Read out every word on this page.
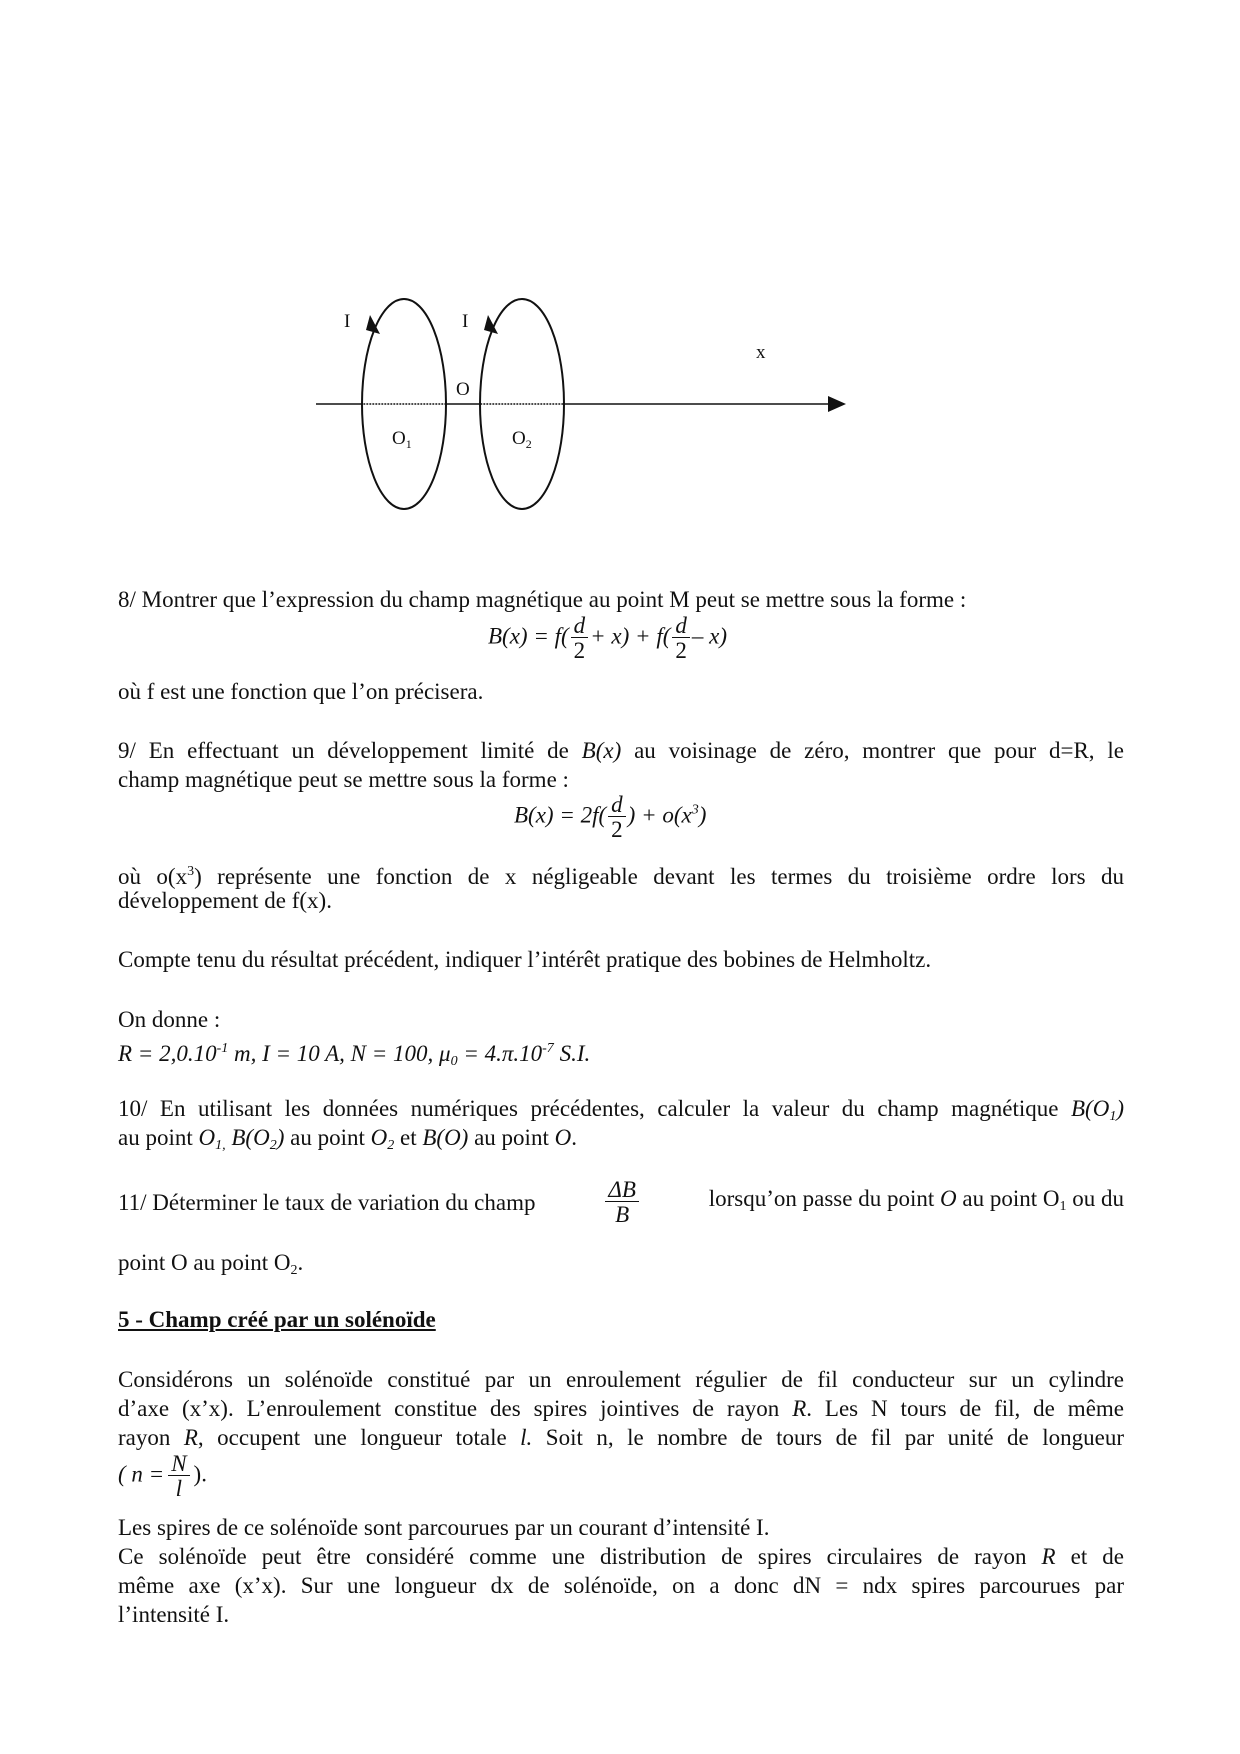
I	I
O
$O_1$	$O_2$
x
8/ Montrer que l’expression du champ magnétique au point M peut se mettre sous la forme :
$B(x) = f( \frac{d}{2} + x) + f( \frac{d}{2} - x)$
où f est une fonction que l’on précisera.
9/ En effectuant un développement limité de B(x) au voisinage de zéro, montrer que pour d=R, le
champ magnétique peut se mettre sous la forme :
$B(x) = 2f( \frac{d}{2}$ ) + $o(x^3)$
où $o(x^3)$ représente une fonction de x négligeable devant les termes du troisième ordre lors du
développement de f(x).
Compte tenu du résultat précédent, indiquer l’intérêt pratique des bobines de Helmholtz.
On donne :
$R = 2,0.10^{-1}$ m, I = 10 A, N = 100, $\mu_0 = 4.\pi.10^{-7}$ S.I.
10/ En utilisant les données numériques précédentes, calculer la valeur du champ magnétique $B(O_1)$
au point $O_{1,}$ $B(O_2)$ au point $O_2$ et B(O) au point O.
11/ Déterminer le taux de variation du champ	$\frac{\Delta B}{B}$	lorsqu’on passe du point O au point $O_1$ ou du
point O au point $O_2$.
5 - Champ créé par un solénoïde
Considérons un solénoïde constitué par un enroulement régulier de fil conducteur sur un cylindre
d’axe (x’x). L’enroulement constitue des spires jointives de rayon R. Les N tours de fil, de même
rayon R, occupent une longueur totale l. Soit n, le nombre de tours de fil par unité de longueur
( $n = \frac{N}{l}$ ).
Les spires de ce solénoïde sont parcourues par un courant d’intensité I.
Ce solénoïde peut être considéré comme une distribution de spires circulaires de rayon R et de
même axe (x’x). Sur une longueur dx de solénoïde, on a donc dN = ndx spires parcourues par
l’intensité I.
